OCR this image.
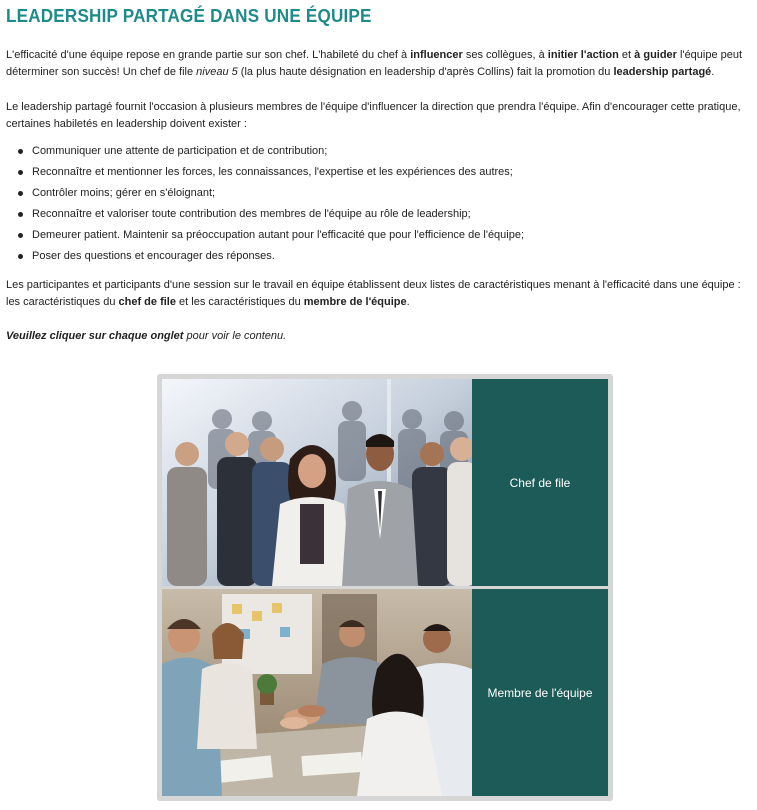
LEADERSHIP PARTAGÉ DANS UNE ÉQUIPE

L'efficacité d'une équipe repose en grande partie sur son chef. L'habileté du chef à influencer ses collègues, à initier l'action et à guider l'équipe peut déterminer son succès! Un chef de file niveau 5 (la plus haute désignation en leadership d'après Collins) fait la promotion du leadership partagé.

Le leadership partagé fournit l'occasion à plusieurs membres de l'équipe d'influencer la direction que prendra l'équipe. Afin d'encourager cette pratique, certaines habiletés en leadership doivent exister :

Communiquer une attente de participation et de contribution;
Reconnaître et mentionner les forces, les connaissances, l'expertise et les expériences des autres;
Contrôler moins; gérer en s'éloignant;
Reconnaître et valoriser toute contribution des membres de l'équipe au rôle de leadership;
Demeurer patient. Maintenir sa préoccupation autant pour l'efficacité que pour l'efficience de l'équipe;
Poser des questions et encourager des réponses.

Les participantes et participants d'une session sur le travail en équipe établissent deux listes de caractéristiques menant à l'efficacité dans une équipe : les caractéristiques du chef de file et les caractéristiques du membre de l'équipe.

Veuillez cliquer sur chaque onglet pour voir le contenu.

Chef de file
Membre de l'équipe
